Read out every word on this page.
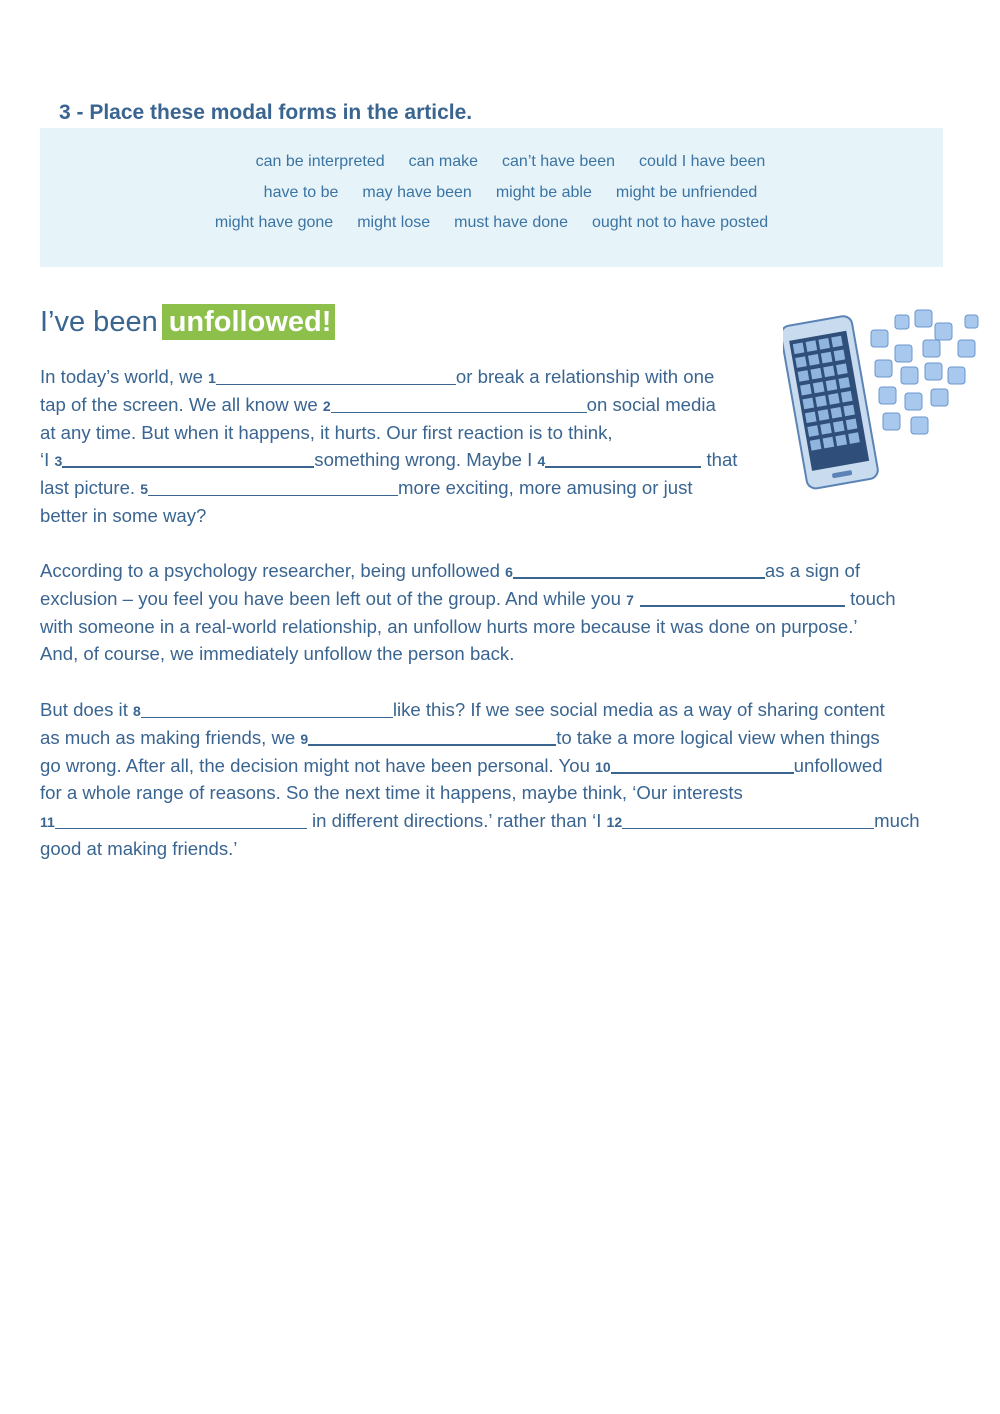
3 - Place these modal forms in the article.
can be interpreted can make can’t have been could I have been
have to be may have been might be able might be unfriended
might have gone might lose must have done ought not to have posted
I’ve been unfollowed!
In today’s world, we 1	or break a relationship with one
tap of the screen. We all know we 2	on social media
at any time. But when it happens, it hurts. Our first reaction is to think,
‘I 3	something wrong. Maybe I 4	that
last picture. 5	more exciting, more amusing or just
better in some way?
According to a psychology researcher, being unfollowed 6	as a sign of
exclusion – you feel you have been left out of the group. And while you 7	touch
with someone in a real-world relationship, an unfollow hurts more because it was done on purpose.’
And, of course, we immediately unfollow the person back.
But does it 8	like this? If we see social media as a way of sharing content
as much as making friends, we 9	to take a more logical view when things
go wrong. After all, the decision might not have been personal. You 10	unfollowed
for a whole range of reasons. So the next time it happens, maybe think, ‘Our interests
11	in different directions.’ rather than ‘I 12	much
good at making friends.’
